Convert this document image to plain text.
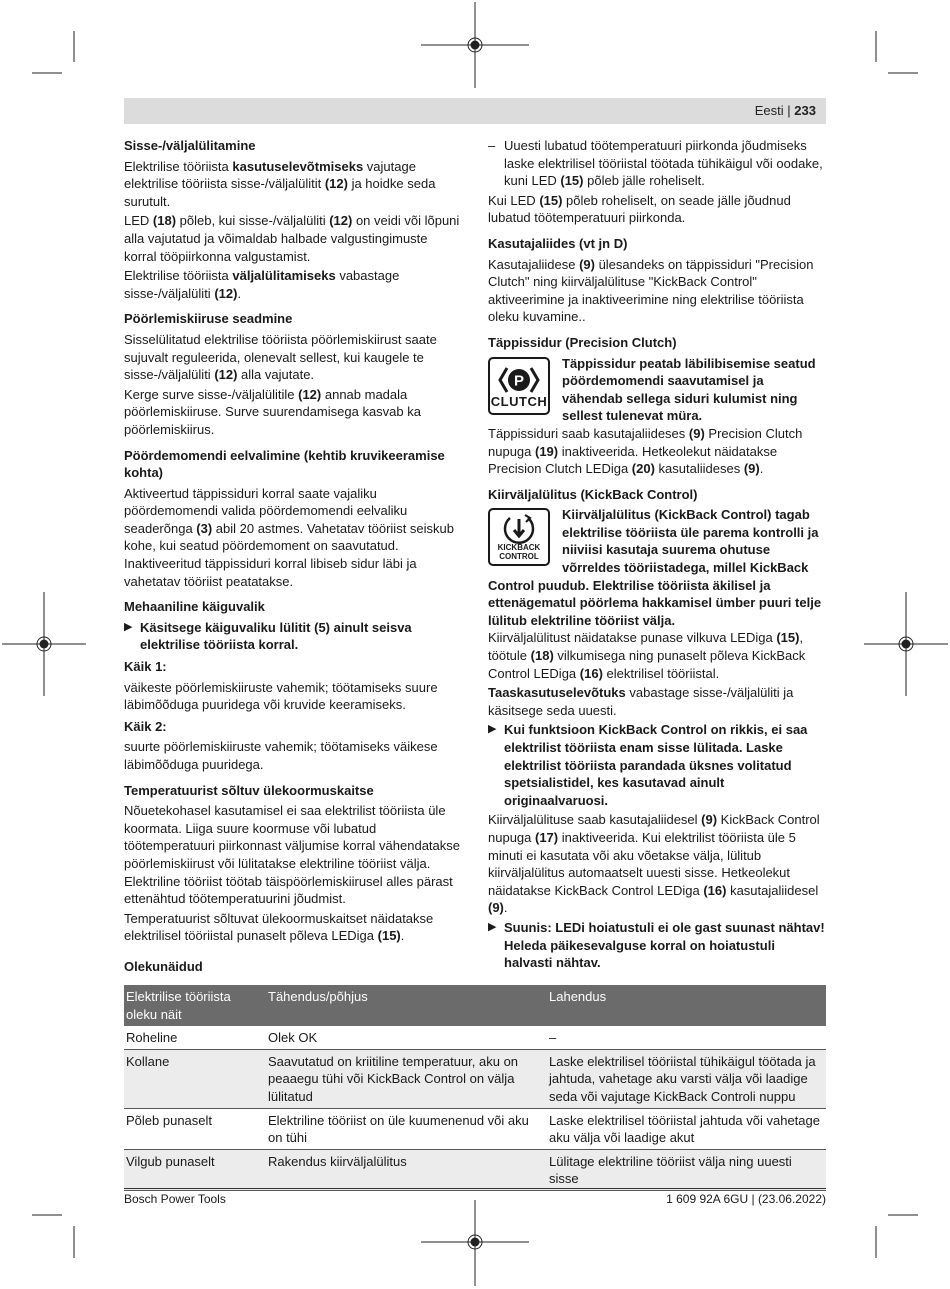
Eesti | 233
Sisse-/väljalülitamine

Elektrilise tööriista kasutuselevõtmiseks vajutage elektrilise tööriista sisse-/väljalülitit (12) ja hoidke seda surutult.

LED (18) põleb, kui sisse-/väljalüliti (12) on veidi või lõpuni alla vajutatud ja võimaldab halbade valgustingimuste korral tööpiirkonna valgustamist.

Elektrilise tööriista väljalülitamiseks vabastage sisse-/väljalüliti (12).

Pöörlemiskiiruse seadmine

Sisselülitatud elektrilise tööriista pöörlemiskiirust saate sujuvalt reguleerida, olenevalt sellest, kui kaugele te sisse-/väljalüliti (12) alla vajutate.

Kerge surve sisse-/väljalülitile (12) annab madala pöörlemiskiiruse. Surve suurendamisega kasvab ka pöörlemiskiirus.

Pöördemomendi eelvalimine (kehtib kruvikeeramise kohta)

Aktiveertud täppissiduri korral saate vajaliku pöördemomendi valida pöördemomendi eelvaliku seaderõnga (3) abil 20 astmes. Vahetatav tööriist seiskub kohe, kui seatud pöördemoment on saavutatud. Inaktiveeritud täppissiduri korral libiseb sidur läbi ja vahetatav tööriist peatatakse.

Mehaaniline käiguvalik
▶ Käsitsege käiguvaliku lülitit (5) ainult seisva elektrilise tööriista korral.
Käik 1:

väikeste pöörlemiskiiruste vahemik; töötamiseks suure läbimõõduga puuridega või kruvide keeramiseks.

Käik 2:

suurte pöörlemiskiiruste vahemik; töötamiseks väikese läbimõõduga puuridega.

Temperatuurist sõltuv ülekoormuskaitse

Nõuetekohasel kasutamisel ei saa elektrilist tööriista üle koormata. Liiga suure koormuse või lubatud töötemperatuuri piirkonnast väljumise korral vähendatakse pöörlemiskiirust või lülitatakse elektriline tööriist välja. Elektriline tööriist töötab täispöörlemiskiirusel alles pärast ettenähtud töötemperatuurini jõudmist.

Temperatuurist sõltuvat ülekoormuskaitset näidatakse elektrilisel tööriistal punaselt põleva LEDiga (15).

– Uuesti lubatud töötemperatuuri piirkonda jõudmiseks laske elektrilisel tööriistal töötada tühikäigul või oodake, kuni LED (15) põleb jälle roheliselt.

Kui LED (15) põleb roheliselt, on seade jälle jõudnud lubatud töötemperatuuri piirkonda.

Kasutajaliides (vt jn D)

Kasutajaliidese (9) ülesandeks on täppissiduri "Precision Clutch" ning kiirväljalülituse "KickBack Control" aktiveerimine ja inaktiveerimine ning elektrilise tööriista oleku kuvamine..

Täppissidur (Precision Clutch)
P
CLUTCH
Täppissidur peatab läbilibisemise seatud pöördemomendi saavutamisel ja vähendab sellega siduri kulumist ning sellest tulenevat müra.

Täppissiduri saab kasutajaliideses (9) Precision Clutch nupuga (19) inaktiveerida. Hetkeolekut näidatakse Precision Clutch LEDiga (20) kasutaliideses (9).

Kiirväljalülitus (KickBack Control)
KICKBACK
CONTROL
Kiirväljalülitus (KickBack Control) tagab elektrilise tööriista üle parema kontrolli ja niiviisi kasutaja suurema ohutuse võrreldes tööriistadega, millel KickBack Control puudub. Elektrilise tööriista äkilisel ja ettenägematul pöörlema hakkamisel ümber puuri telje lülitub elektriline tööriist välja.

Kiirväljalülitust näidatakse punase vilkuva LEDiga (15), töötule (18) vilkumisega ning punaselt põleva KickBack Control LEDiga (16) elektrilisel tööriistal.

Taaskasutuselevõtuks vabastage sisse-/väljalüliti ja käsitsege seda uuesti.

▶ Kui funktsioon KickBack Control on rikkis, ei saa elektrilist tööriista enam sisse lülitada. Laske elektrilist tööriista parandada üksnes volitatud spetsialistidel, kes kasutavad ainult originaalvaruosi.

Kiirväljalülituse saab kasutajaliidesel (9) KickBack Control nupuga (17) inaktiveerida. Kui elektrilist tööriista üle 5 minuti ei kasutata või aku võetakse välja, lülitub kiirväljalülitus automaatselt uuesti sisse. Hetkeolekut näidatakse KickBack Control LEDiga (16) kasutajaliidesel (9).

▶ Suunis: LEDi hoiatustuli ei ole gast suunast nähtav! Heleda päikesevalguse korral on hoiatustuli halvasti nähtav.
Olekunäidud
Elektrilise tööriista oleku näit	Tähendus/põhjus	Lahendus
Roheline	Olek OK	–
Kollane	Saavutatud on kriitiline temperatuur, aku on peaaegu tühi või KickBack Control on välja lülitatud	Laske elektrilisel tööriistal tühikäigul töötada ja jahtuda, vahetage aku varsti välja või laadige seda või vajutage KickBack Controli nuppu
Põleb punaselt	Elektriline tööriist on üle kuumenenud või aku on tühi	Laske elektrilisel tööriistal jahtuda või vahetage aku välja või laadige akut
Vilgub punaselt	Rakendus kiirväljalülitus	Lülitage elektriline tööriist välja ning uuesti sisse
Bosch Power Tools	1 609 92A 6GU | (23.06.2022)
